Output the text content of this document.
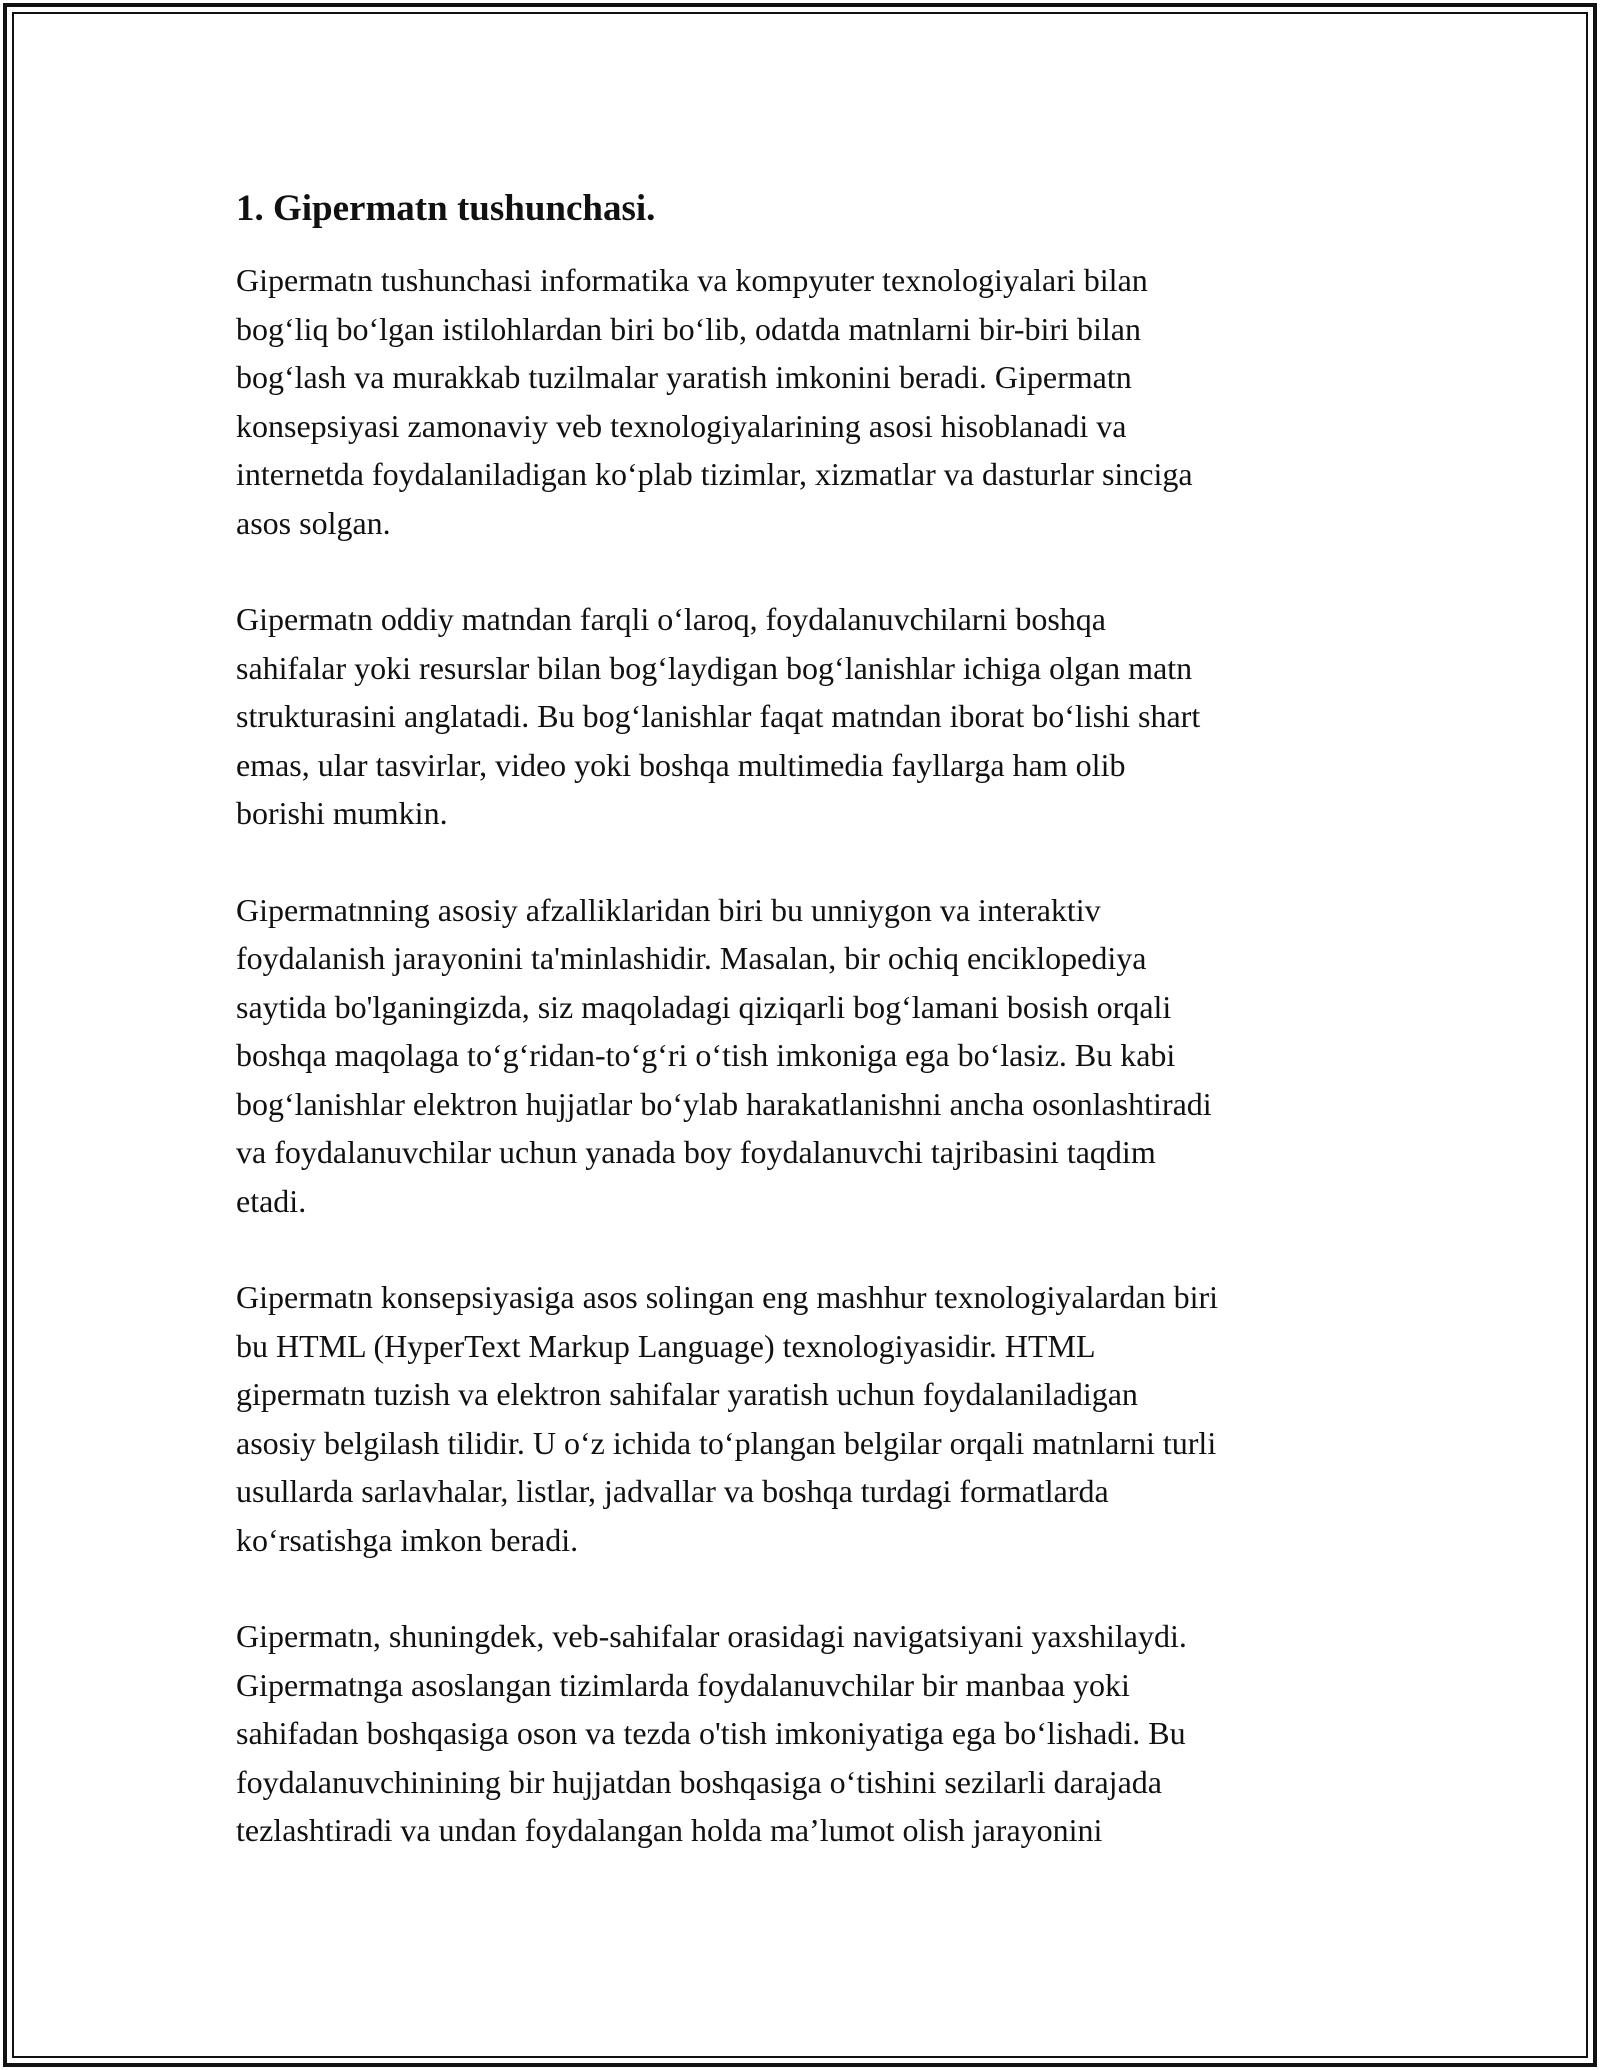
1. Gipermatn tushunchasi.
Gipermatn tushunchasi informatika va kompyuter texnologiyalari bilan
bog‘liq bo‘lgan istilohlardan biri bo‘lib, odatda matnlarni bir-biri bilan
bog‘lash va murakkab tuzilmalar yaratish imkonini beradi. Gipermatn
konsepsiyasi zamonaviy veb texnologiyalarining asosi hisoblanadi va
internetda foydalaniladigan ko‘plab tizimlar, xizmatlar va dasturlar sinciga
asos solgan.
Gipermatn oddiy matndan farqli o‘laroq, foydalanuvchilarni boshqa
sahifalar yoki resurslar bilan bog‘laydigan bog‘lanishlar ichiga olgan matn
strukturasini anglatadi. Bu bog‘lanishlar faqat matndan iborat bo‘lishi shart
emas, ular tasvirlar, video yoki boshqa multimedia fayllarga ham olib
borishi mumkin.
Gipermatnning asosiy afzalliklaridan biri bu unniygon va interaktiv
foydalanish jarayonini ta'minlashidir. Masalan, bir ochiq enciklopediya
saytida bo'lganingizda, siz maqoladagi qiziqarli bog‘lamani bosish orqali
boshqa maqolaga to‘g‘ridan-to‘g‘ri o‘tish imkoniga ega bo‘lasiz. Bu kabi
bog‘lanishlar elektron hujjatlar bo‘ylab harakatlanishni ancha osonlashtiradi
va foydalanuvchilar uchun yanada boy foydalanuvchi tajribasini taqdim
etadi.
Gipermatn konsepsiyasiga asos solingan eng mashhur texnologiyalardan biri
bu HTML (HyperText Markup Language) texnologiyasidir. HTML
gipermatn tuzish va elektron sahifalar yaratish uchun foydalaniladigan
asosiy belgilash tilidir. U o‘z ichida to‘plangan belgilar orqali matnlarni turli
usullarda sarlavhalar, listlar, jadvallar va boshqa turdagi formatlarda
ko‘rsatishga imkon beradi.
Gipermatn, shuningdek, veb-sahifalar orasidagi navigatsiyani yaxshilaydi.
Gipermatnga asoslangan tizimlarda foydalanuvchilar bir manbaa yoki
sahifadan boshqasiga oson va tezda o'tish imkoniyatiga ega bo‘lishadi. Bu
foydalanuvchinining bir hujjatdan boshqasiga o‘tishini sezilarli darajada
tezlashtiradi va undan foydalangan holda ma’lumot olish jarayonini
